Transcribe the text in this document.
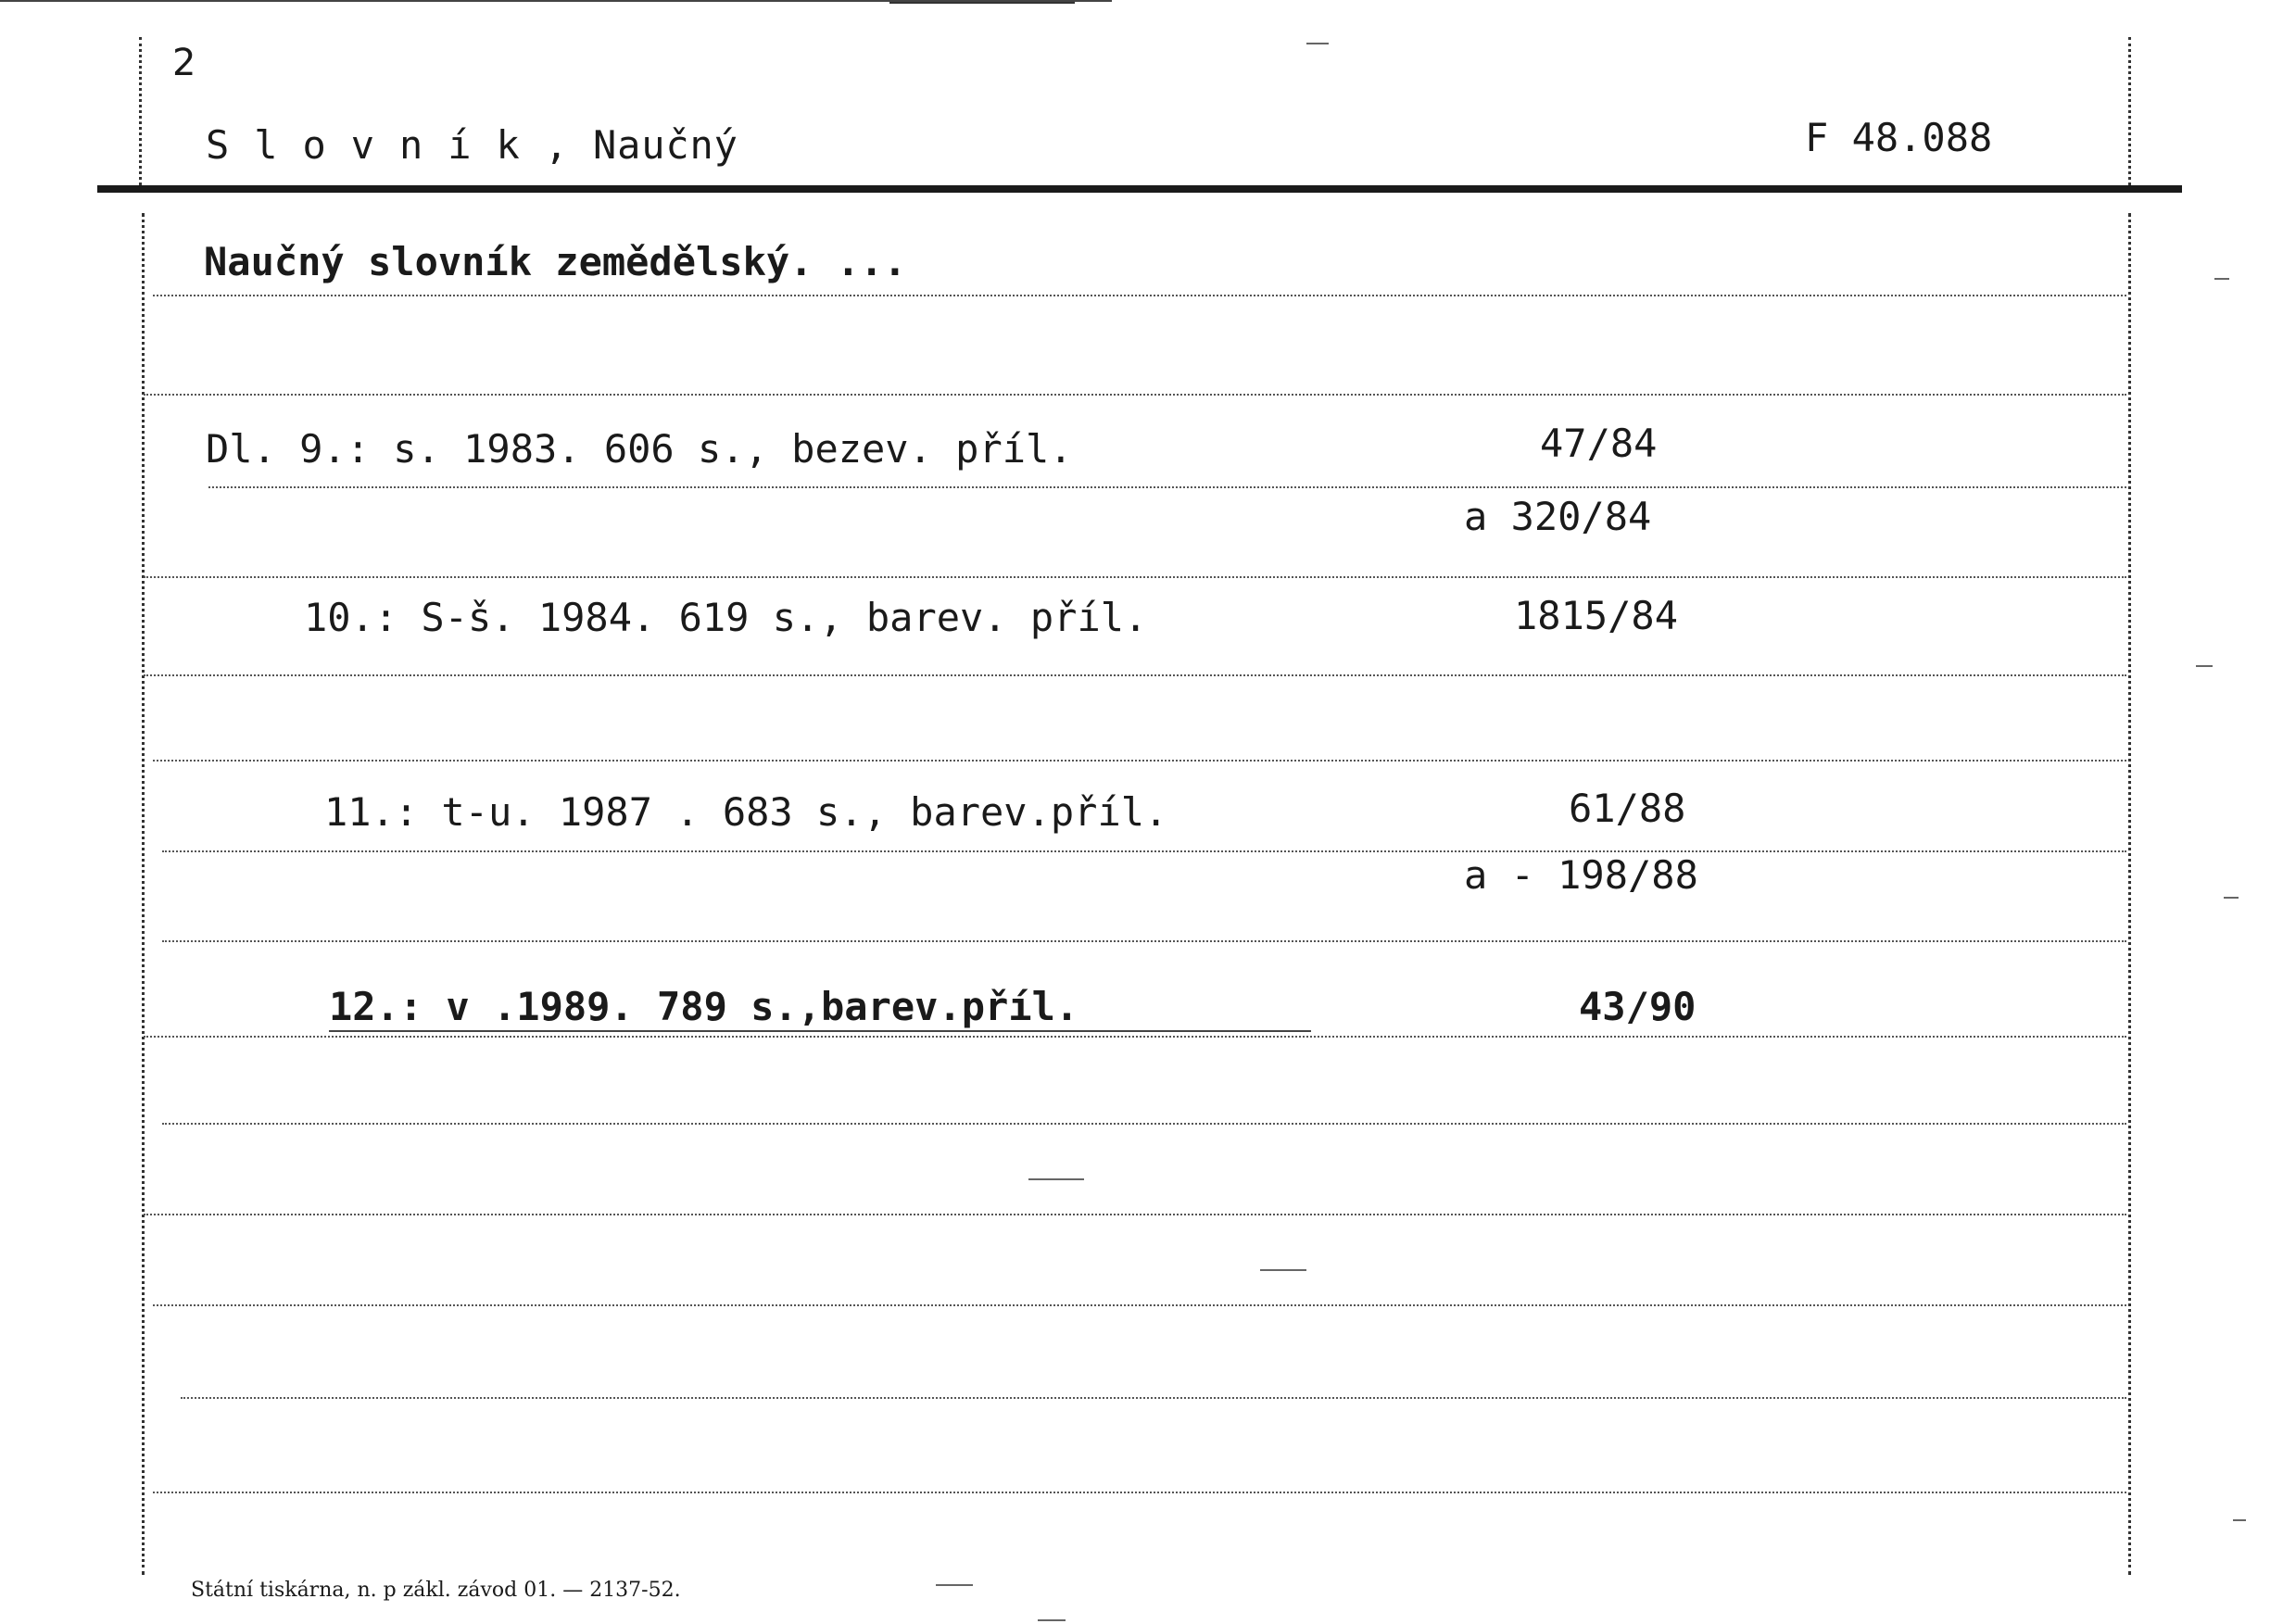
2
S l o v n í k , Naučný	F 48.088
Naučný slovník zemědělský. ...
Dl. 9.: s. 1983. 606 s., bezev. příl.	47/84
a 320/84
10.: S-š. 1984. 619 s., barev. příl.	1815/84
11.: t-u. 1987 . 683 s., barev.příl.	61/88
a - 198/88
12.: v .1989. 789 s.,barev.příl.	43/90
Státní tiskárna, n. p zákl. závod 01. — 2137-52.
